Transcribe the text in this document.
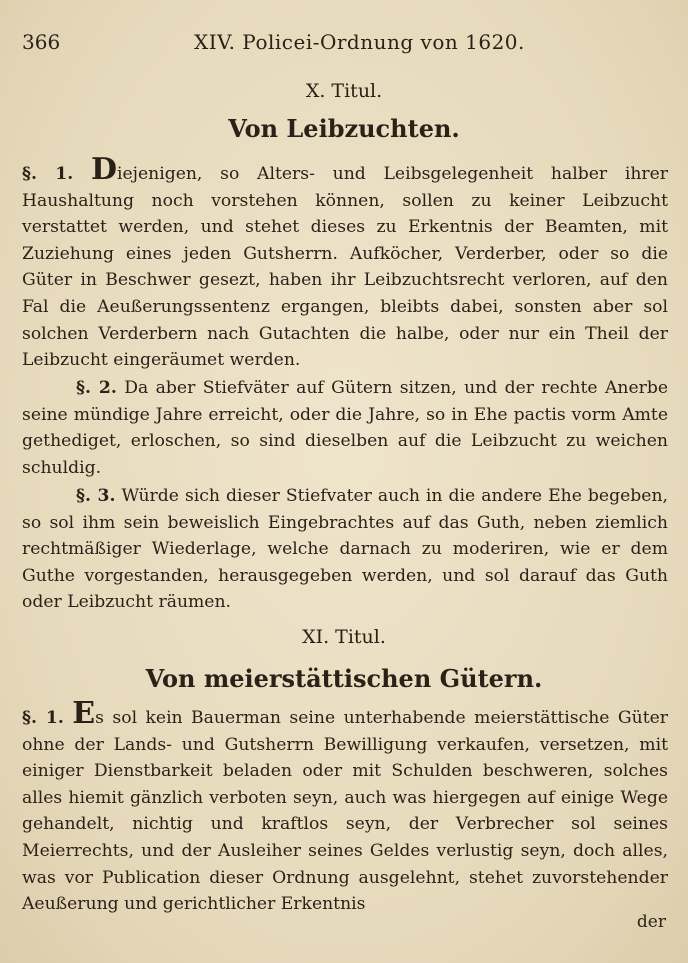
366	XIV. Policei-Ordnung von 1620.
X. Titul.
Von Leibzuchten.

§. 1. Diejenigen, so Alters- und Leibsgelegenheit halber ihrer Haushaltung noch vorstehen können, sollen zu keiner Leibzucht verstattet werden, und stehet dieses zu Erkentnis der Beamten, mit Zuziehung eines jeden Gutsherrn. Aufköcher, Verderber, oder so die Güter in Beschwer gesezt, haben ihr Leibzuchtsrecht verloren, auf den Fal die Aeußerungssentenz ergangen, bleibts dabei, sonsten aber sol solchen Verderbern nach Gutachten die halbe, oder nur ein Theil der Leibzucht eingeräumet werden.

§. 2. Da aber Stiefväter auf Gütern sitzen, und der rechte Anerbe seine mündige Jahre erreicht, oder die Jahre, so in Ehe pactis vorm Amte gethediget, erloschen, so sind dieselben auf die Leibzucht zu weichen schuldig.

§. 3. Würde sich dieser Stiefvater auch in die andere Ehe begeben, so sol ihm sein beweislich Eingebrachtes auf das Guth, neben ziemlich rechtmäßiger Wiederlage, welche darnach zu moderiren, wie er dem Guthe vorgestanden, herausgegeben werden, und sol darauf das Guth oder Leibzucht räumen.

XI. Titul.
Von meierstättischen Gütern.

§. 1. Es sol kein Bauerman seine unterhabende meierstättische Güter ohne der Lands- und Gutsherrn Bewilligung verkaufen, versetzen, mit einiger Dienstbarkeit beladen oder mit Schulden beschweren, solches alles hiemit gänzlich verboten seyn, auch was hiergegen auf einige Wege gehandelt, nichtig und kraftlos seyn, der Verbrecher sol seines Meierrechts, und der Ausleiher seines Geldes verlustig seyn, doch alles, was vor Publication dieser Ordnung ausgelehnt, stehet zuvorstehender Aeußerung und gerichtlicher Erkentnis

der
